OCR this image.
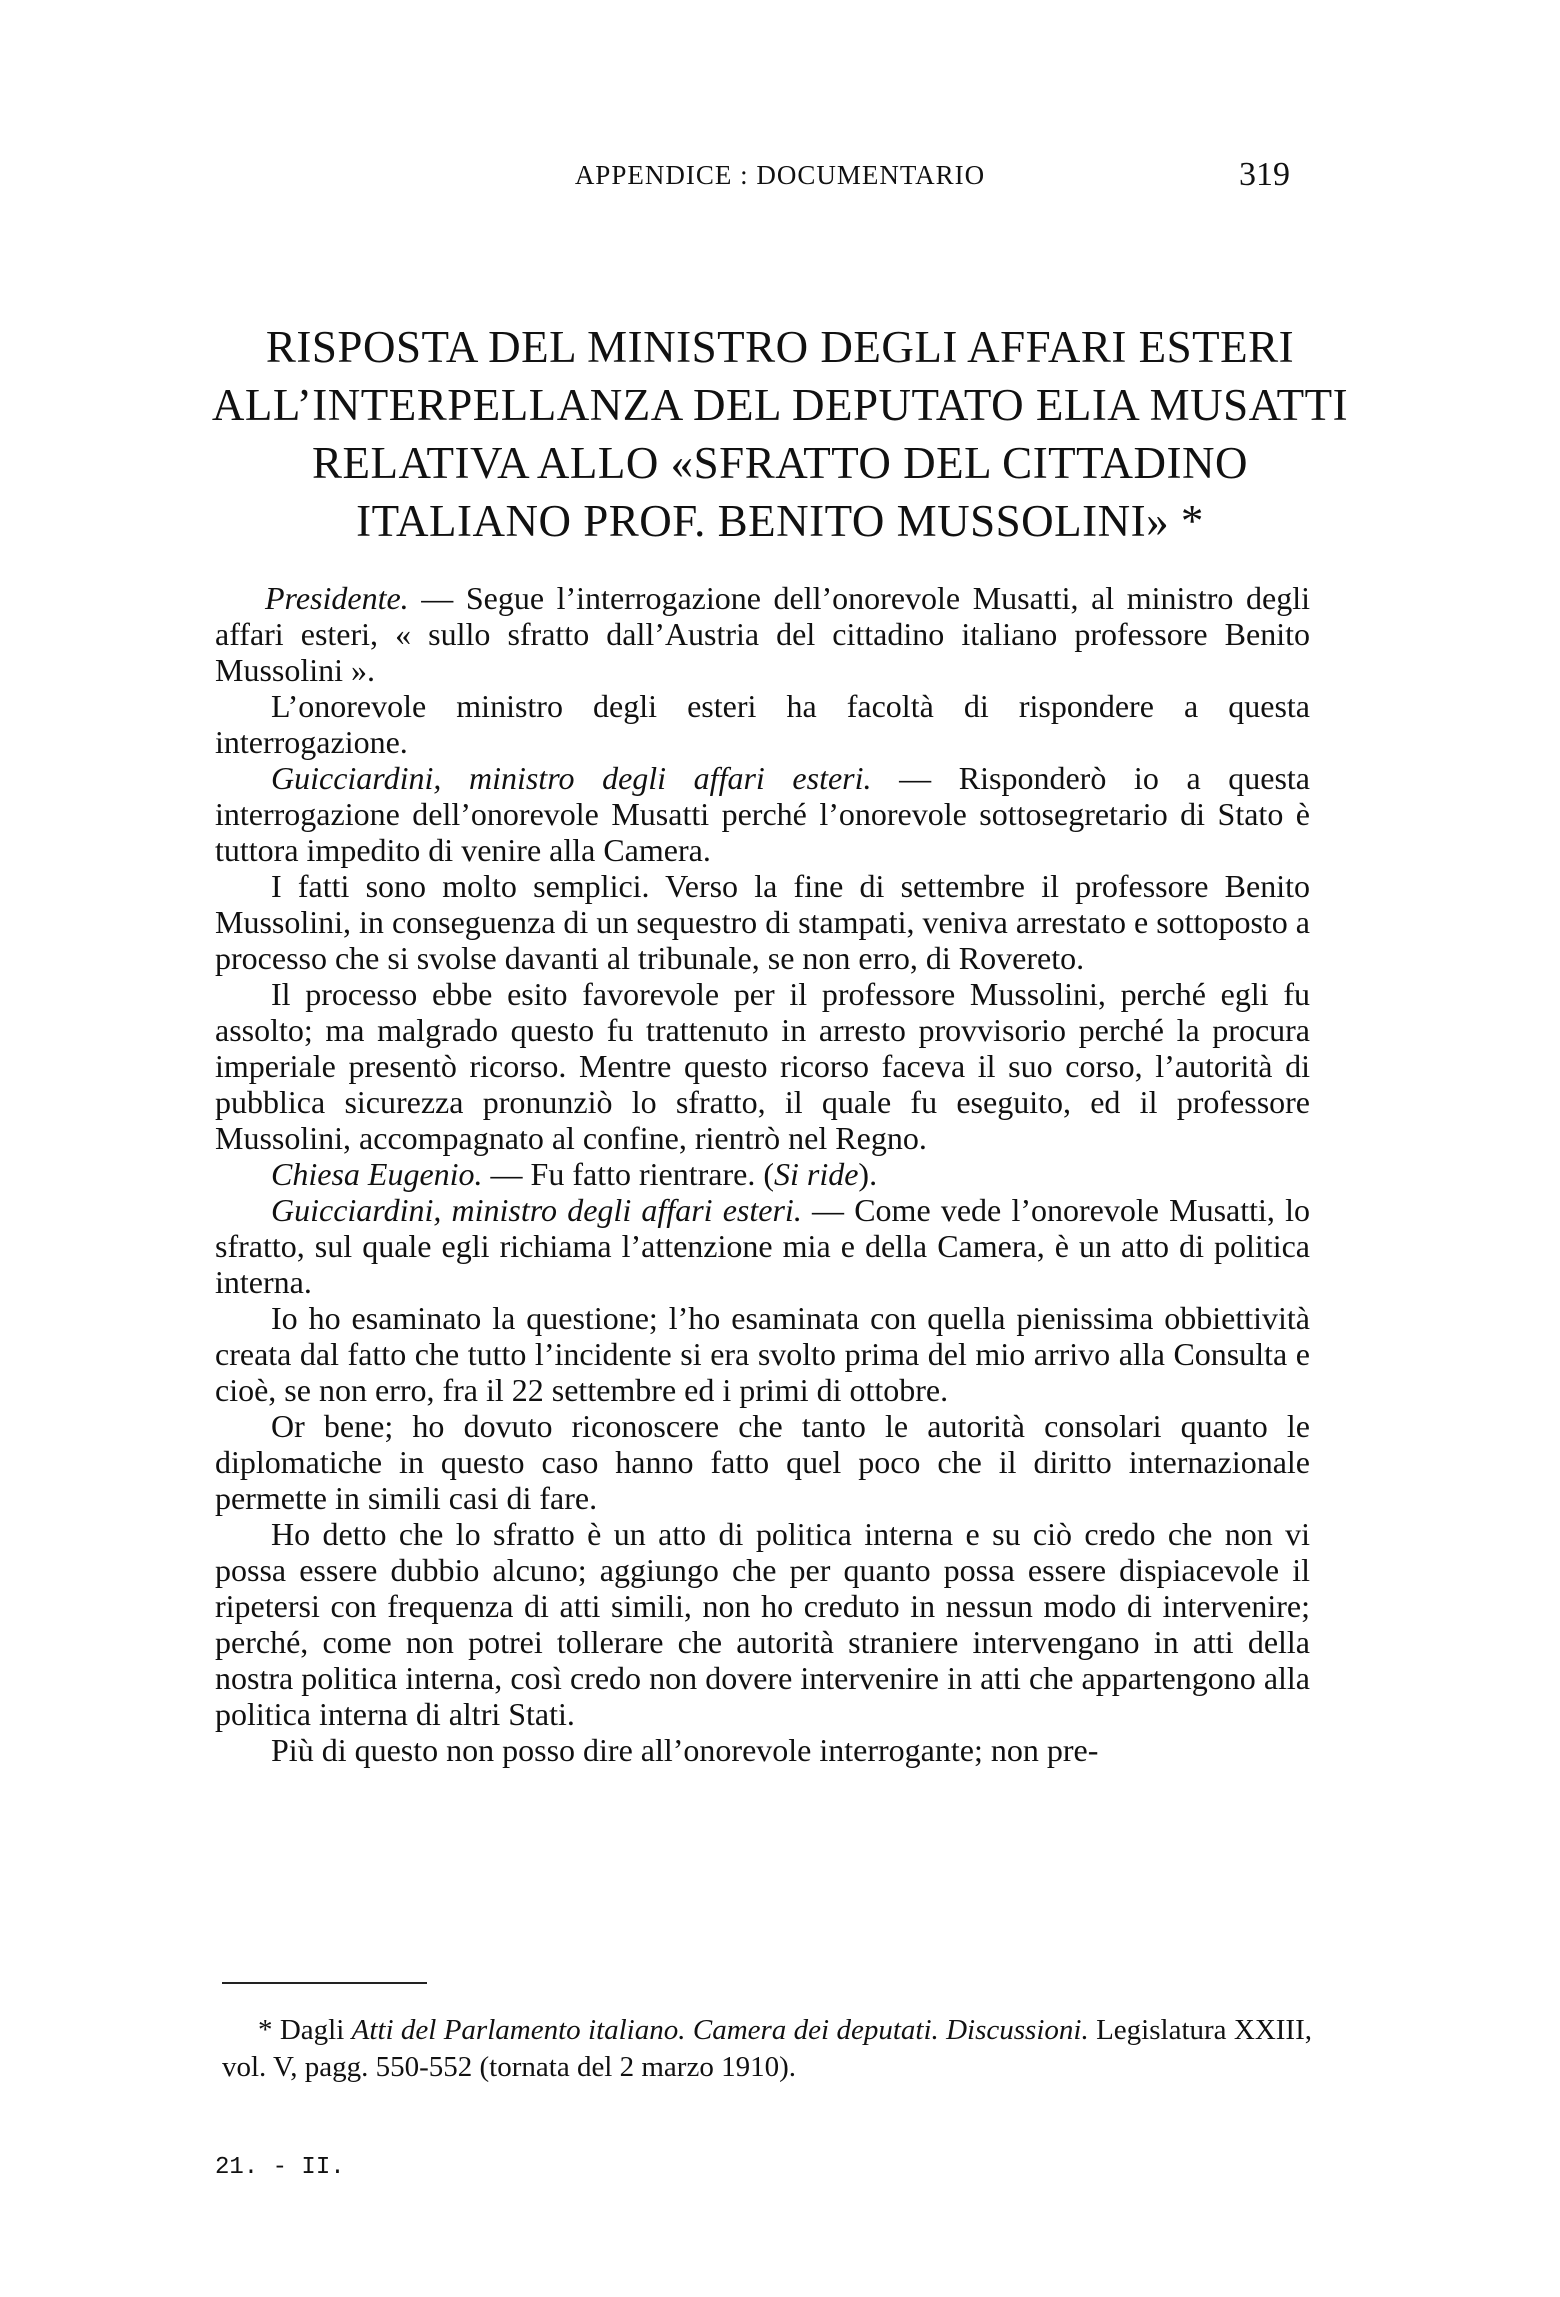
APPENDICE : DOCUMENTARIO	319
RISPOSTA DEL MINISTRO DEGLI AFFARI ESTERI
ALL’INTERPELLANZA DEL DEPUTATO ELIA MUSATTI
RELATIVA ALLO «SFRATTO DEL CITTADINO
ITALIANO PROF. BENITO MUSSOLINI» *

Presidente. — Segue l’interrogazione dell’onorevole Musatti, al ministro degli affari esteri, « sullo sfratto dall’Austria del cittadino italiano professore Benito Mussolini ».

L’onorevole ministro degli esteri ha facoltà di rispondere a questa interrogazione.

Guicciardini, ministro degli affari esteri. — Risponderò io a questa interrogazione dell’onorevole Musatti perché l’onorevole sottosegretario di Stato è tuttora impedito di venire alla Camera.

I fatti sono molto semplici. Verso la fine di settembre il professore Benito Mussolini, in conseguenza di un sequestro di stampati, veniva arrestato e sottoposto a processo che si svolse davanti al tribunale, se non erro, di Rovereto.

Il processo ebbe esito favorevole per il professore Mussolini, perché egli fu assolto; ma malgrado questo fu trattenuto in arresto provvisorio perché la procura imperiale presentò ricorso. Mentre questo ricorso faceva il suo corso, l’autorità di pubblica sicurezza pronunziò lo sfratto, il quale fu eseguito, ed il professore Mussolini, accompagnato al confine, rientrò nel Regno.

Chiesa Eugenio. — Fu fatto rientrare. (Si ride).

Guicciardini, ministro degli affari esteri. — Come vede l’onorevole Musatti, lo sfratto, sul quale egli richiama l’attenzione mia e della Camera, è un atto di politica interna.

Io ho esaminato la questione; l’ho esaminata con quella pienissima obbiettività creata dal fatto che tutto l’incidente si era svolto prima del mio arrivo alla Consulta e cioè, se non erro, fra il 22 settembre ed i primi di ottobre.

Or bene; ho dovuto riconoscere che tanto le autorità consolari quanto le diplomatiche in questo caso hanno fatto quel poco che il diritto internazionale permette in simili casi di fare.

Ho detto che lo sfratto è un atto di politica interna e su ciò credo che non vi possa essere dubbio alcuno; aggiungo che per quanto possa essere dispiacevole il ripetersi con frequenza di atti simili, non ho creduto in nessun modo di intervenire; perché, come non potrei tollerare che autorità straniere intervengano in atti della nostra politica interna, così credo non dovere intervenire in atti che appartengono alla politica interna di altri Stati.

Più di questo non posso dire all’onorevole interrogante; non pre-

* Dagli Atti del Parlamento italiano. Camera dei deputati. Discussioni. Legislatura XXIII, vol. V, pagg. 550-552 (tornata del 2 marzo 1910).

21. - II.
